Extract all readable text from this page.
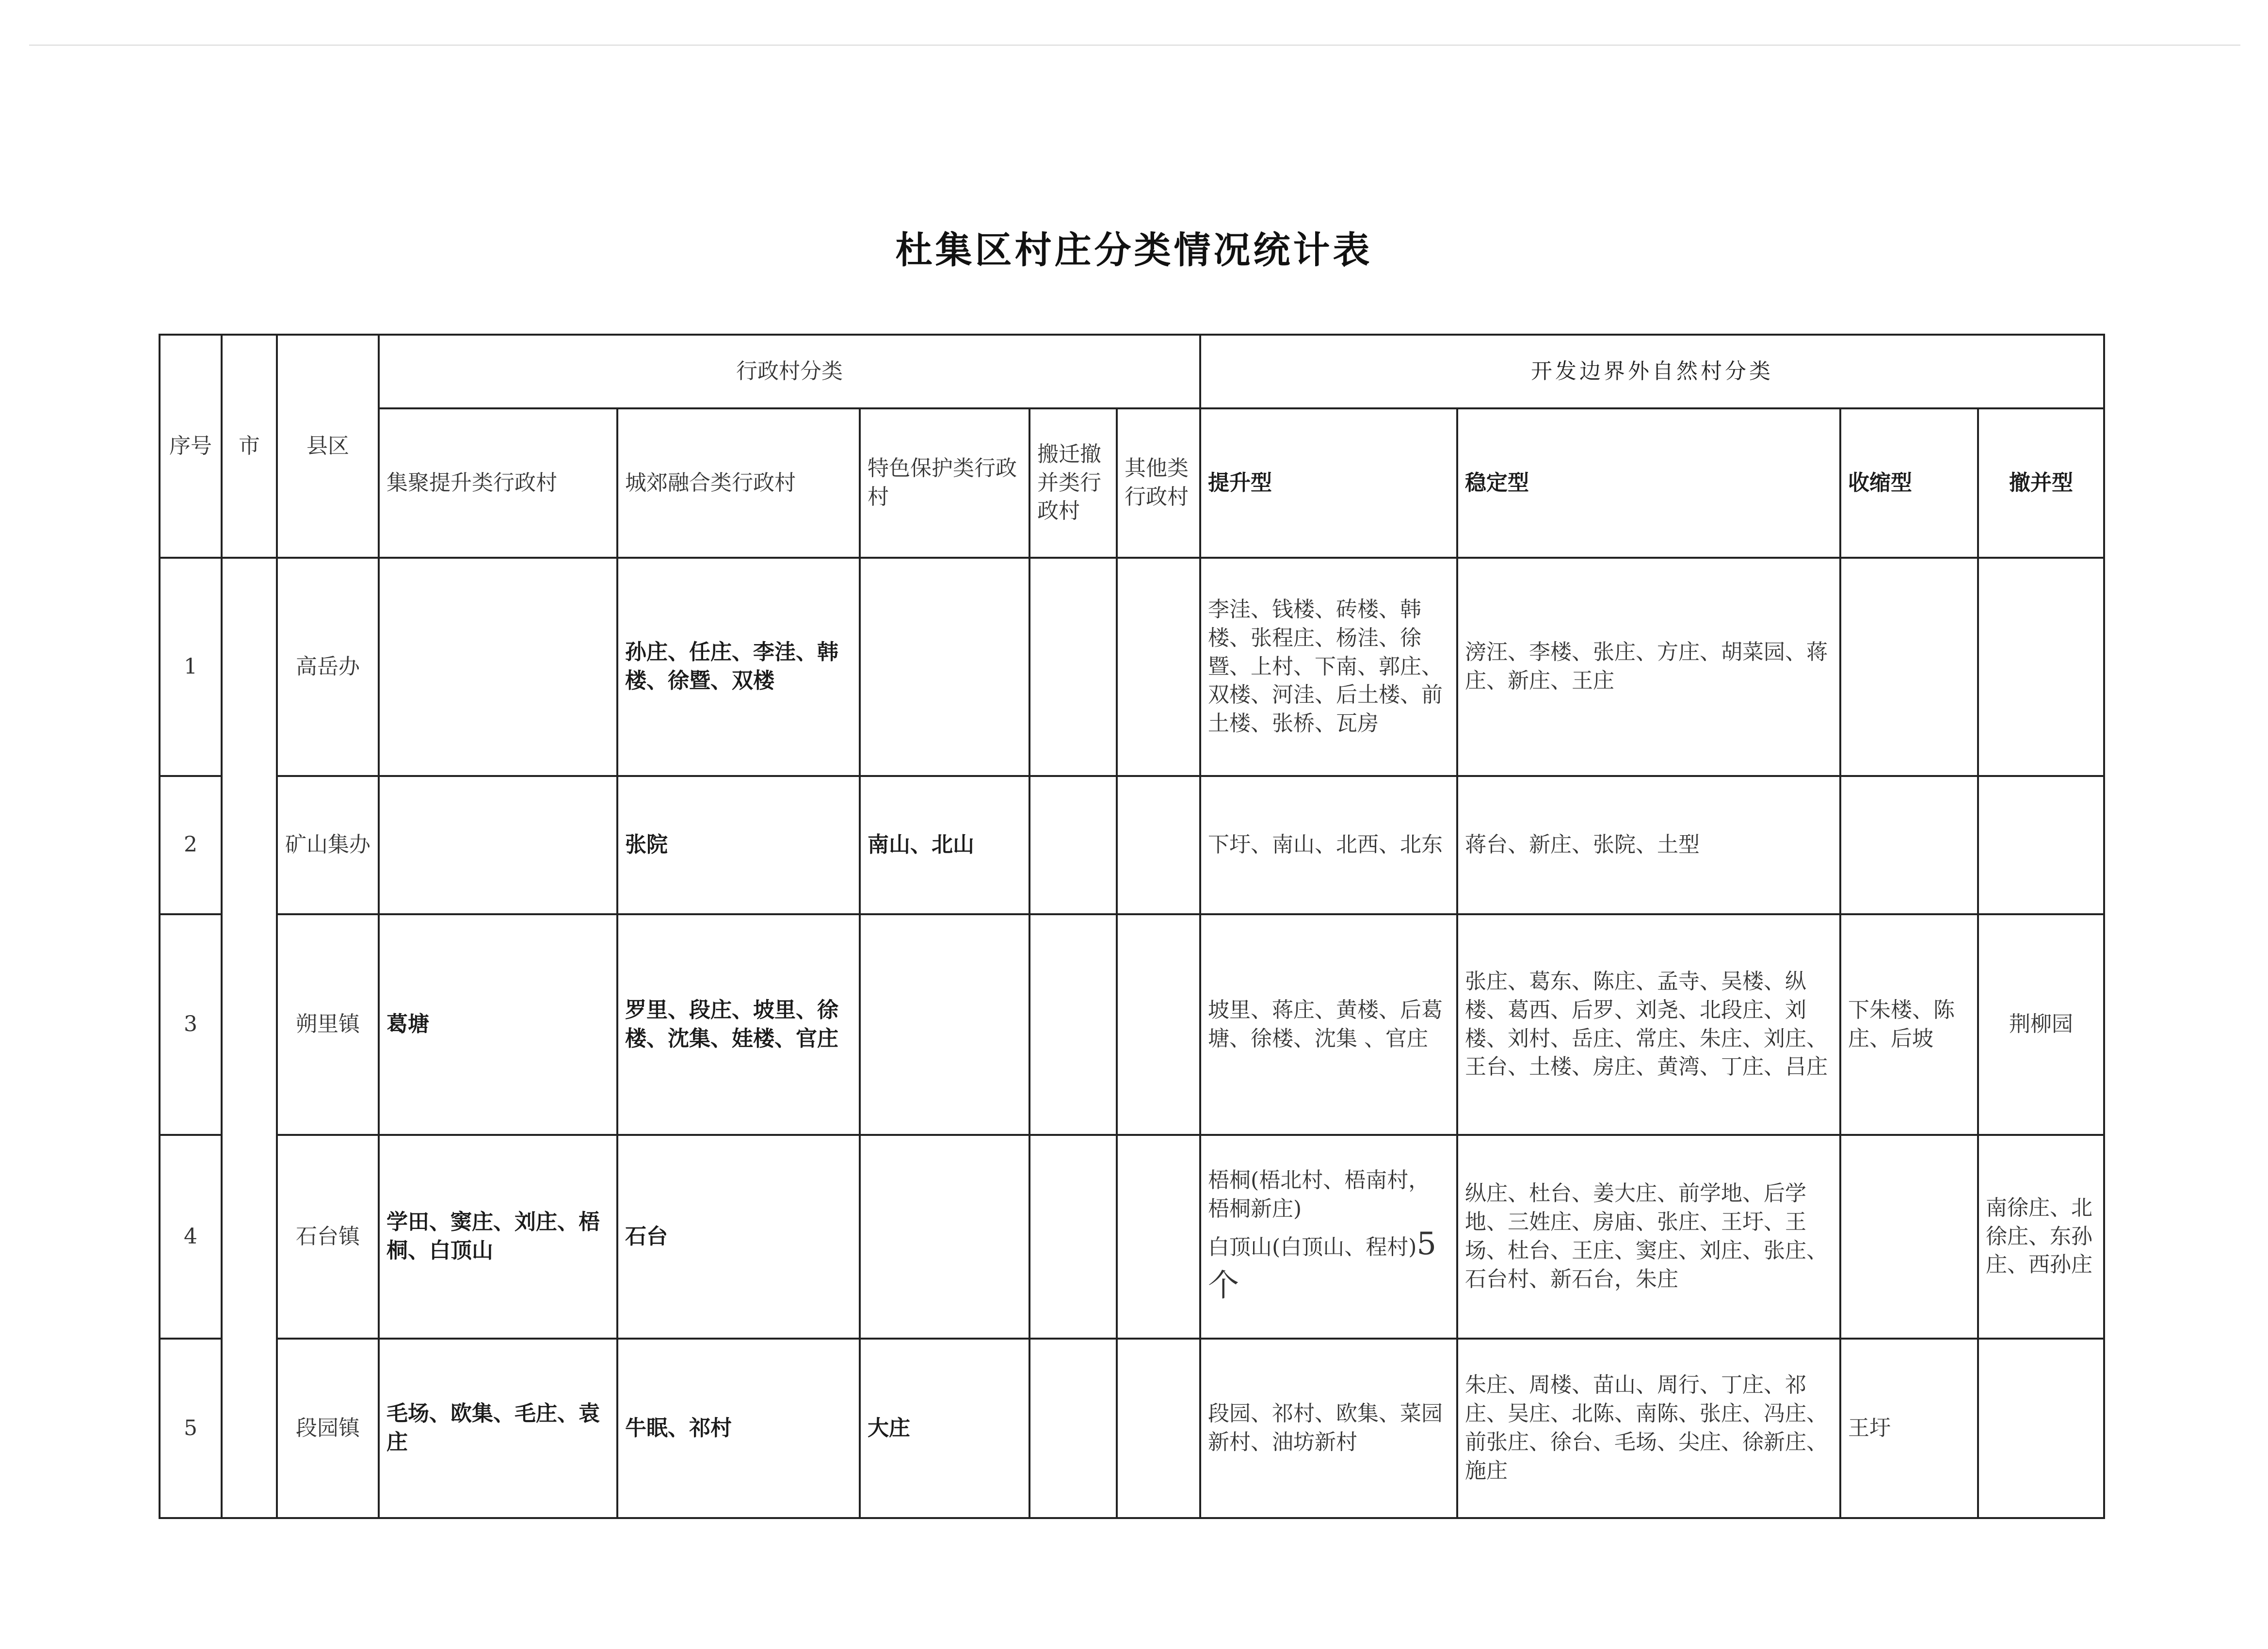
杜集区村庄分类情况统计表
序号	市	县区	行政村分类					开发边界外自然村分类			
			集聚提升类行政村	城郊融合类行政村	特色保护类行政村	搬迁撤并类行政村	其他类行政村	提升型	稳定型	收缩型	撤并型
1		高岳办		孙庄、任庄、李洼、韩楼、徐暨、双楼				李洼、钱楼、砖楼、韩楼、张程庄、杨洼、徐暨、上村、下南、郭庄、双楼、河洼、后土楼、前土楼、张桥、瓦房	滂汪、李楼、张庄、方庄、胡菜园、蒋庄、新庄、王庄		
2		矿山集办		张院	南山、北山			下圩、南山、北西、北东	蒋台、新庄、张院、土型		
3		朔里镇	葛塘	罗里、段庄、坡里、徐楼、沈集、娃楼、官庄				坡里、蒋庄、黄楼、后葛塘、徐楼、沈集 、官庄	张庄、葛东、陈庄、孟寺、吴楼、纵楼、葛西、后罗、刘尧、北段庄、刘楼、刘村、岳庄、常庄、朱庄、刘庄、王台、土楼、房庄、黄湾、丁庄、吕庄	下朱楼、陈庄、后坡	荆柳园
4		石台镇	学田、窦庄、刘庄、梧桐、白顶山	石台				梧桐(梧北村、梧南村，梧桐新庄)
白顶山(白顶山、程村)5个	纵庄、杜台、姜大庄、前学地、后学地、三姓庄、房庙、张庄、王圩、王场、杜台、王庄、窦庄、刘庄、张庄、石台村、新石台，朱庄		南徐庄、北徐庄、东孙庄、西孙庄
5		段园镇	毛场、欧集、毛庄、袁庄	牛眠、祁村	大庄			段园、祁村、欧集、菜园新村、油坊新村	朱庄、周楼、苗山、周行、丁庄、祁庄、吴庄、北陈、南陈、张庄、冯庄、前张庄、徐台、毛场、尖庄、徐新庄、施庄	王圩	
